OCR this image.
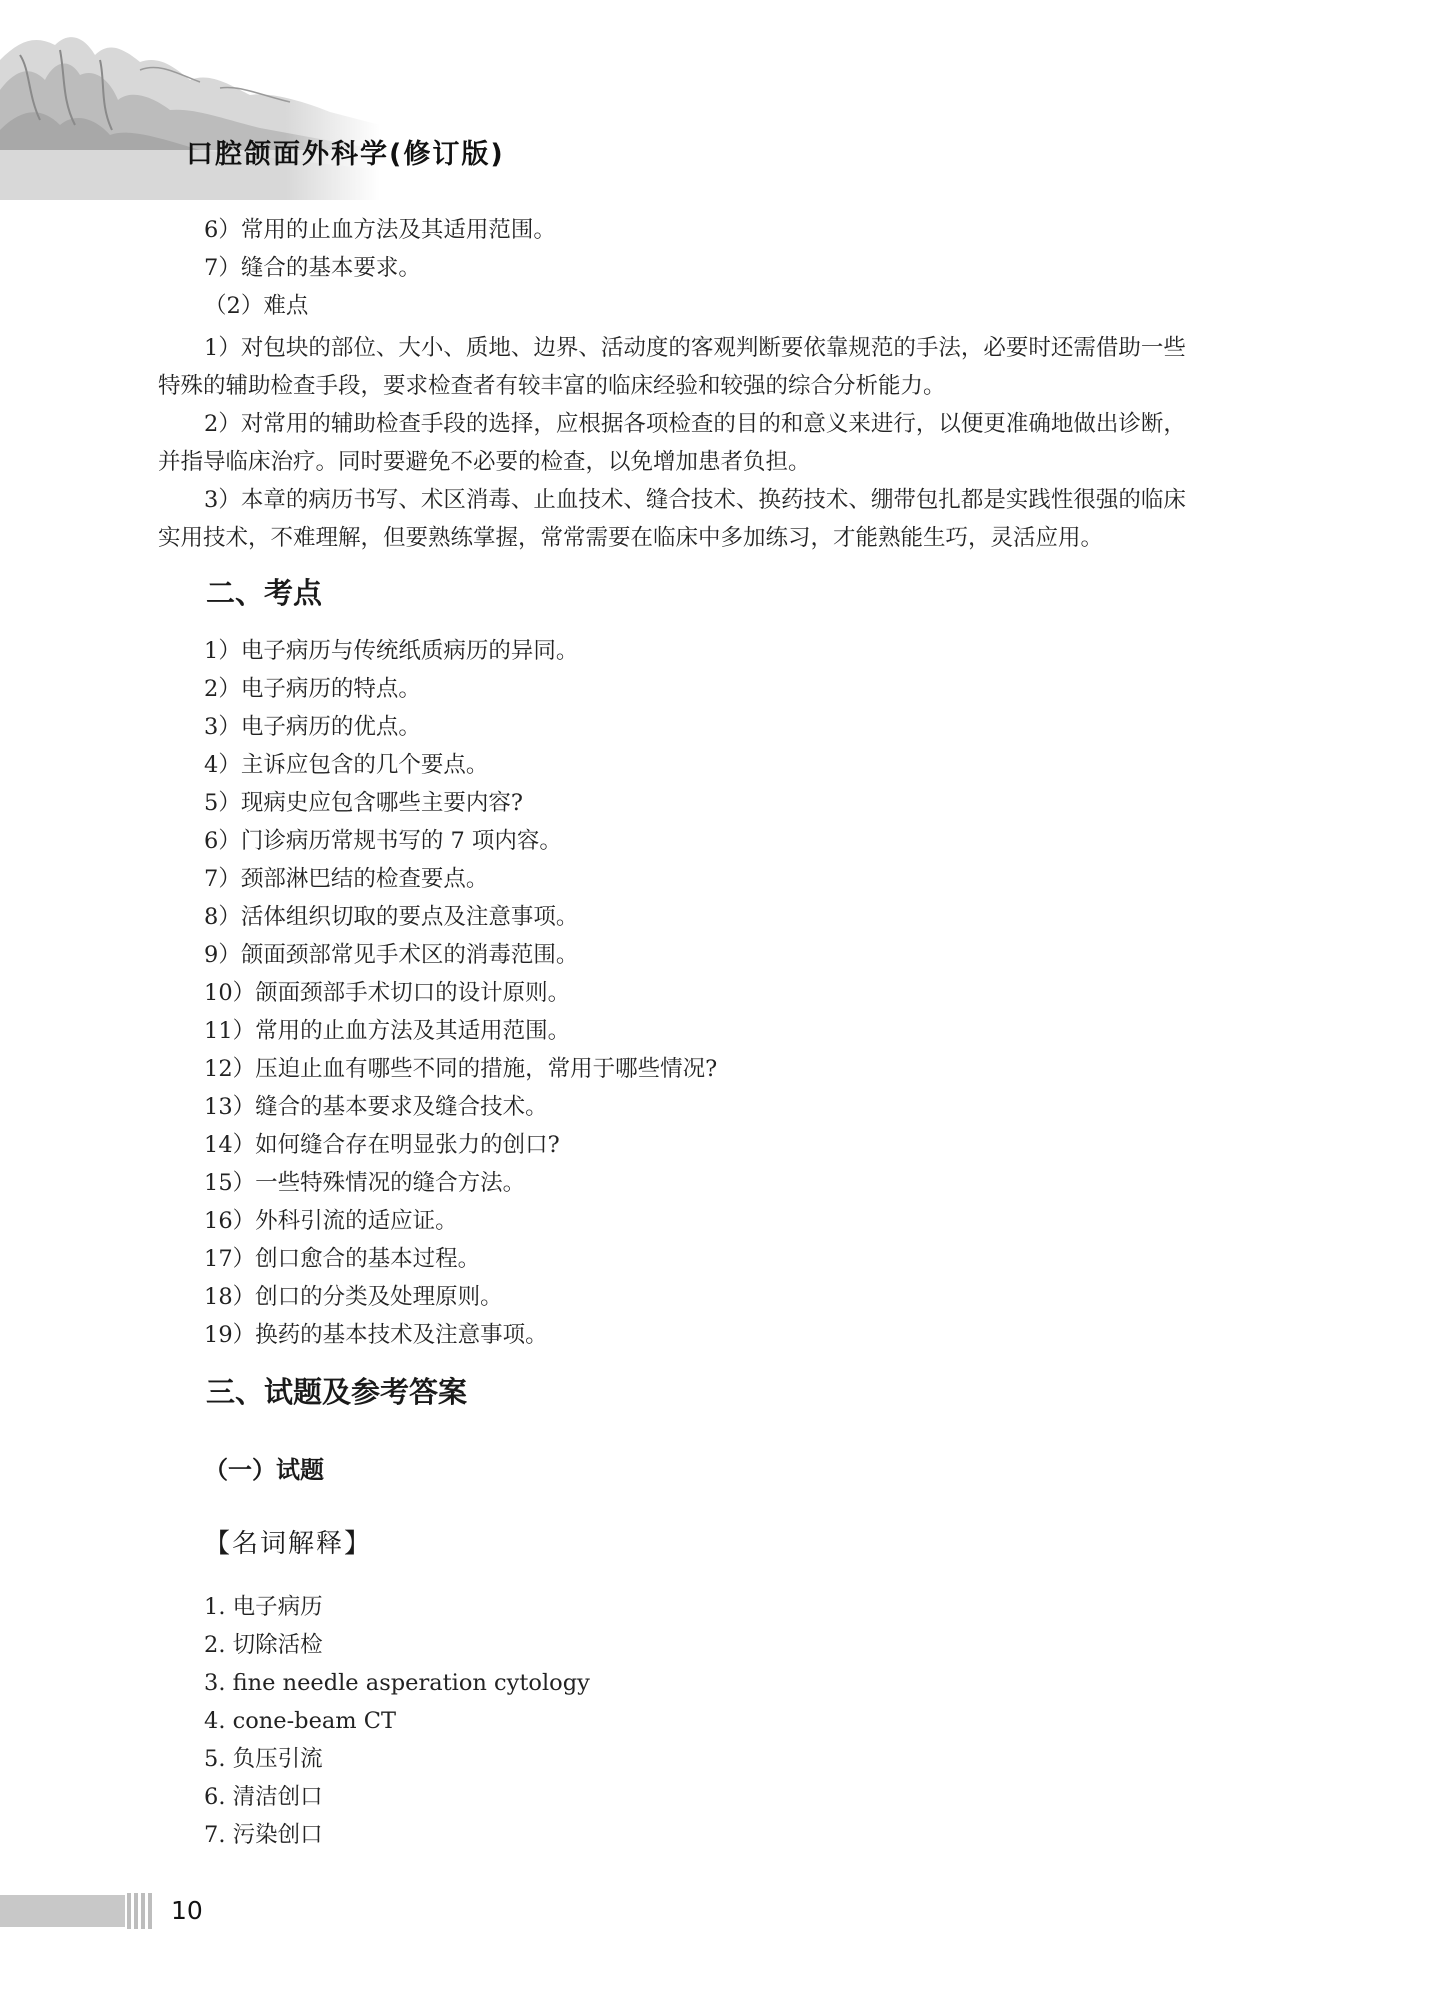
口腔颌面外科学(修订版)
6）常用的止血方法及其适用范围。
7）缝合的基本要求。
（2）难点
1）对包块的部位、大小、质地、边界、活动度的客观判断要依靠规范的手法，必要时还需借助一些
特殊的辅助检查手段，要求检查者有较丰富的临床经验和较强的综合分析能力。
2）对常用的辅助检查手段的选择，应根据各项检查的目的和意义来进行，以便更准确地做出诊断，
并指导临床治疗。同时要避免不必要的检查，以免增加患者负担。
3）本章的病历书写、术区消毒、止血技术、缝合技术、换药技术、绷带包扎都是实践性很强的临床
实用技术，不难理解，但要熟练掌握，常常需要在临床中多加练习，才能熟能生巧，灵活应用。
二、考点
1）电子病历与传统纸质病历的异同。
2）电子病历的特点。
3）电子病历的优点。
4）主诉应包含的几个要点。
5）现病史应包含哪些主要内容?
6）门诊病历常规书写的 7 项内容。
7）颈部淋巴结的检查要点。
8）活体组织切取的要点及注意事项。
9）颌面颈部常见手术区的消毒范围。
10）颌面颈部手术切口的设计原则。
11）常用的止血方法及其适用范围。
12）压迫止血有哪些不同的措施，常用于哪些情况?
13）缝合的基本要求及缝合技术。
14）如何缝合存在明显张力的创口?
15）一些特殊情况的缝合方法。
16）外科引流的适应证。
17）创口愈合的基本过程。
18）创口的分类及处理原则。
19）换药的基本技术及注意事项。
三、试题及参考答案
（一）试题
【名词解释】
1. 电子病历
2. 切除活检
3. fine needle asperation cytology
4. cone-beam CT
5. 负压引流
6. 清洁创口
7. 污染创口
10
